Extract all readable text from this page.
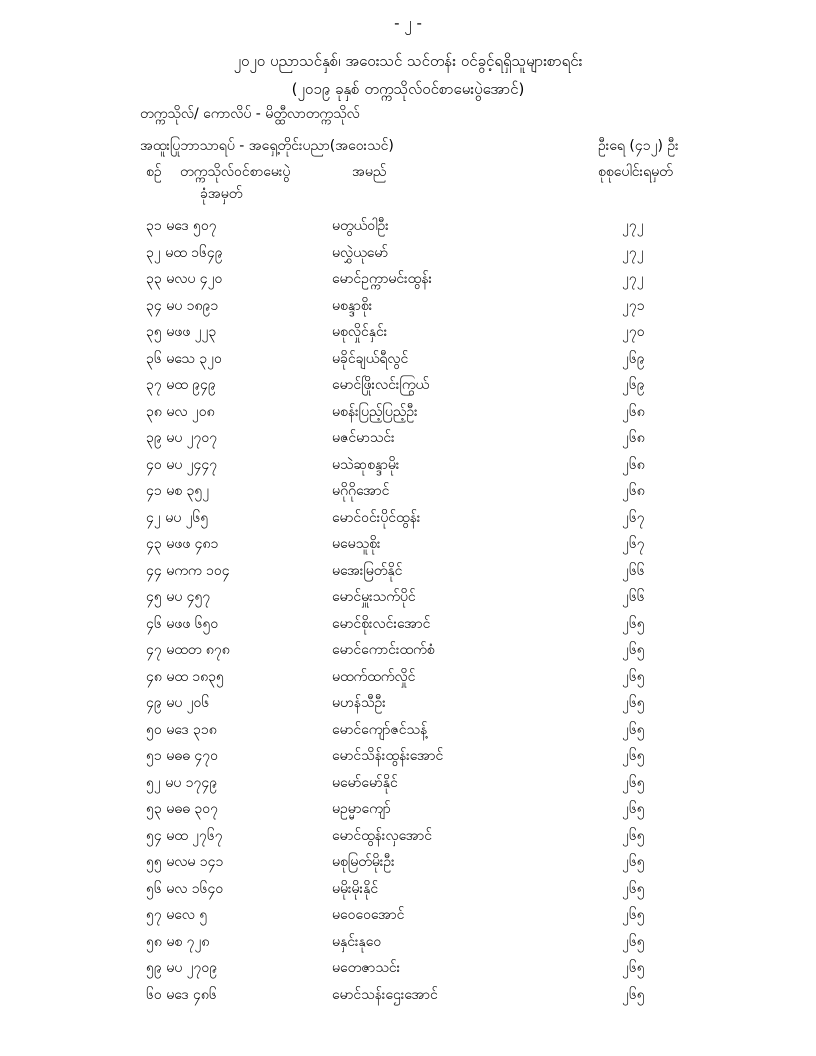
- ၂ -
၂၀၂၀ ပညာသင်နှစ်၊ အဝေးသင် သင်တန်း ဝင်ခွင့်ရရှိသူများစာရင်း
(၂၀၁၉ ခုနှစ် တက္ကသိုလ်ဝင်စာမေးပွဲအောင်)
တက္ကသိုလ်/ ကောလိပ် - မိတ္ထီလာတက္ကသိုလ်
အထူးပြုဘာသာရပ် - အရှေ့တိုင်းပညာ(အဝေးသင်)	ဦးရေ (၄၁၂) ဦး
စဉ် တက္ကသိုလ်ဝင်စာမေးပွဲ
ခုံအမှတ်
အမည်	စုစုပေါင်းရမှတ်
၃၁ မဒေ ၅၀၇	မတွယ်ဝါဦး	၂၇၂
၃၂ မထ ၁၆၄၉	မလွှဲယုမော်	၂၇၂
၃၃ မလပ ၄၂၀	မောင်ဥက္ကာမင်းထွန်း	၂၇၂
၃၄ မပ ၁၈၉၁	မစန္ဒာစိုး	၂၇၁
၃၅ မဖဖ ၂၂၃	မစုလှိုင်နှင်း	၂၇၀
၃၆ မသေ ၃၂၀	မခိုင်ချယ်ရီလွင်	၂၆၉
၃၇ မထ ၉၄၉	မောင်ဖြိုးလင်းကြွယ်	၂၆၉
၃၈ မလ ၂၀၈	မစန်းပြည့်ပြည့်ဦး	၂၆၈
၃၉ မပ ၂၇၀၇	မဇင်မာသင်း	၂၆၈
၄၀ မပ ၂၄၄၇	မသဲဆုစန္ဒာမိုး	၂၆၈
၄၁ မစ ၃၅၂	မဂိုဂိုအောင်	၂၆၈
၄၂ မပ ၂၆၅	မောင်ဝင်းပိုင်ထွန်း	၂၆၇
၄၃ မဖဖ ၄၈၁	မမေသူစိုး	၂၆၇
၄၄ မကက ၁၀၄	မအေးမြတ်နိုင်	၂၆၆
၄၅ မပ ၄၅၇	မောင်မှူးသက်ပိုင်	၂၆၆
၄၆ မဖဖ ၆၅၀	မောင်စိုးလင်းအောင်	၂၆၅
၄၇ မထတ ၈၇၈	မောင်ကောင်းထက်စံ	၂၆၅
၄၈ မထ ၁၈၃၅	မထက်ထက်လှိုင်	၂၆၅
၄၉ မပ ၂၀၆	မဟန်သီဦး	၂၆၅
၅၀ မဒေ ၃၁၈	မောင်ကျော်ဇင်သန့်	၂၆၅
၅၁ မဓဓ ၄၇၀	မောင်သိန်းထွန်းအောင်	၂၆၅
၅၂ မပ ၁၇၄၉	မမော်မော်နိုင်	၂၆၅
၅၃ မဓဓ ၃၀၇	မဥမ္မာကျော်	၂၆၅
၅၄ မထ ၂၇၆၇	မောင်ထွန်းလှအောင်	၂၆၅
၅၅ မလမ ၁၄၁	မစုမြတ်မိုးဦး	၂၆၅
၅၆ မလ ၁၆၄၀	မမိုးမိုးနိုင်	၂၆၅
၅၇ မလေ ၅	မဝေဝေအောင်	၂၆၅
၅၈ မစ ၇၂၈	မနှင်းနုဝေ	၂၆၅
၅၉ မပ ၂၇၀၉	မတေဇာသင်း	၂၆၅
၆၀ မဒေ ၄၈၆	မောင်သန်းဌေးအောင်	၂၆၅
